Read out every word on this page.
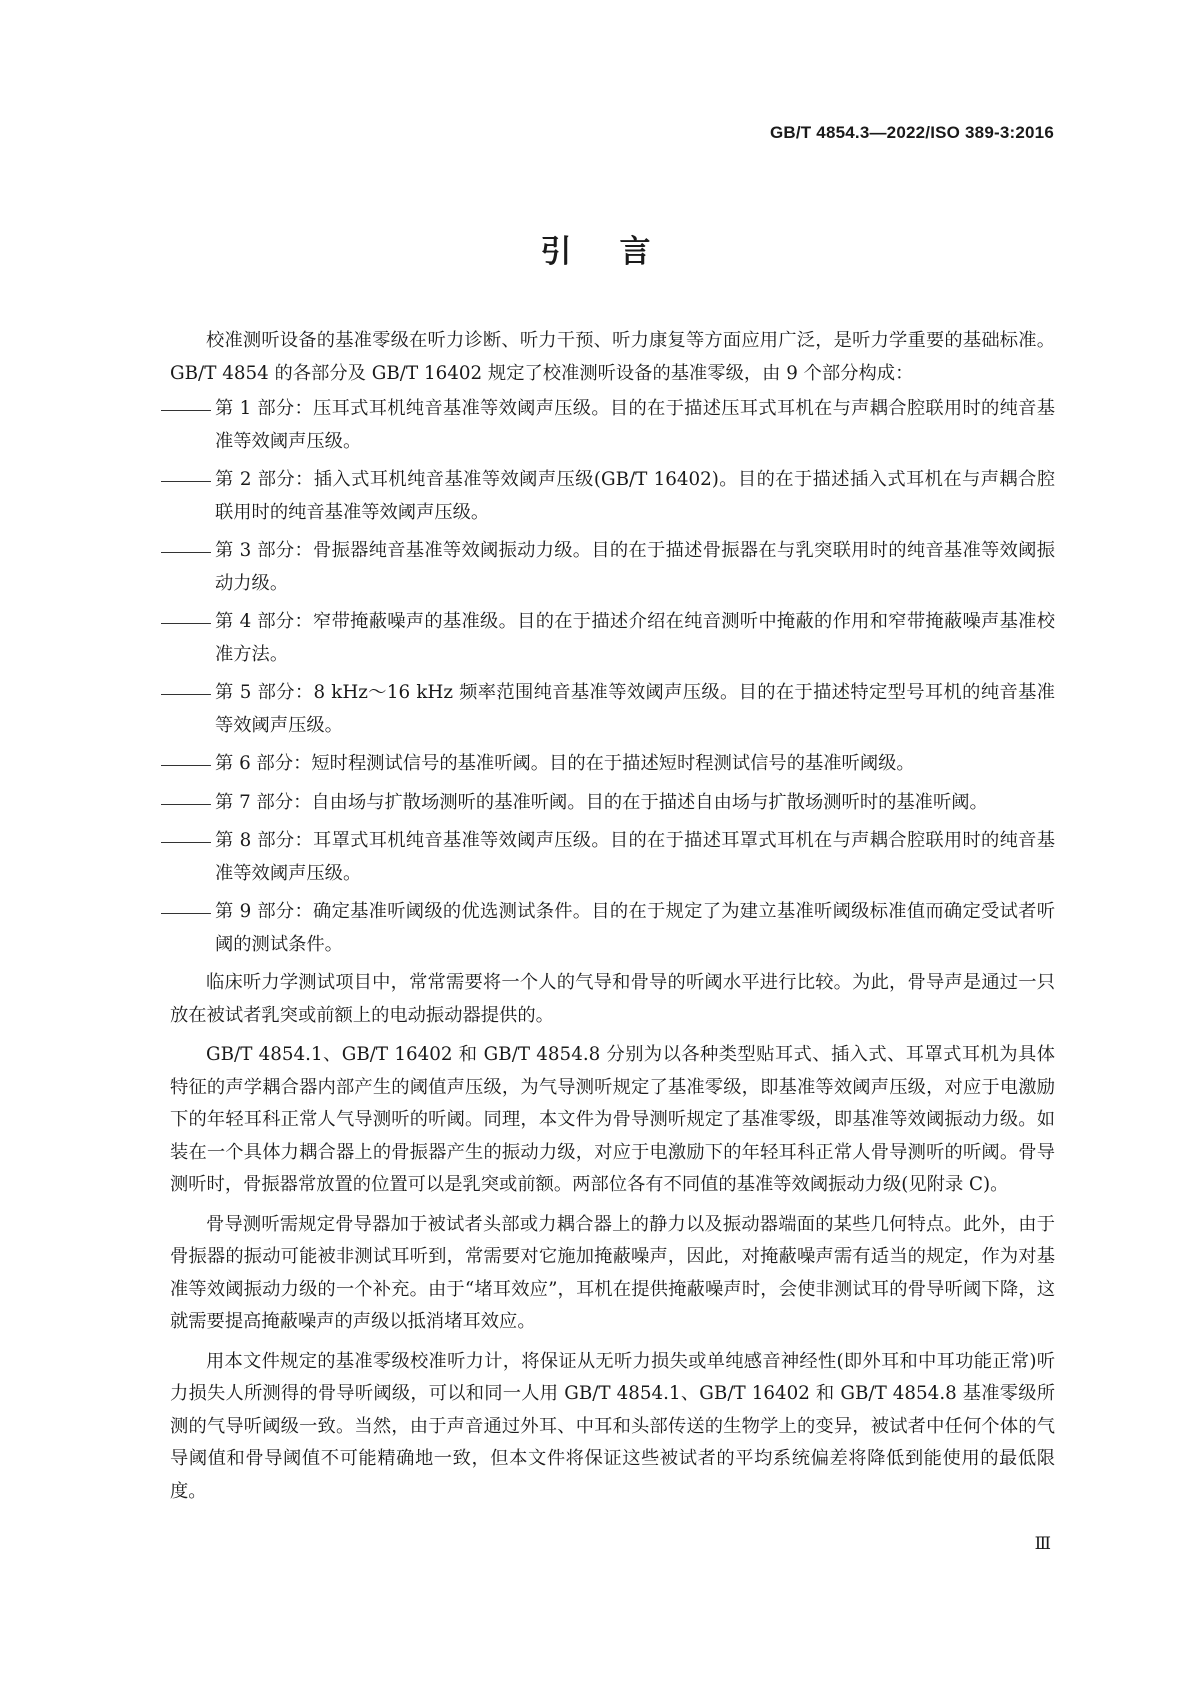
GB/T 4854.3—2022/ISO 389-3:2016
引言

校准测听设备的基准零级在听力诊断、听力干预、听力康复等方面应用广泛，是听力学重要的基础标准。GB/T 4854 的各部分及 GB/T 16402 规定了校准测听设备的基准零级，由 9 个部分构成：

第 1 部分：压耳式耳机纯音基准等效阈声压级。目的在于描述压耳式耳机在与声耦合腔联用时的纯音基准等效阈声压级。
第 2 部分：插入式耳机纯音基准等效阈声压级(GB/T 16402)。目的在于描述插入式耳机在与声耦合腔联用时的纯音基准等效阈声压级。
第 3 部分：骨振器纯音基准等效阈振动力级。目的在于描述骨振器在与乳突联用时的纯音基准等效阈振动力级。
第 4 部分：窄带掩蔽噪声的基准级。目的在于描述介绍在纯音测听中掩蔽的作用和窄带掩蔽噪声基准校准方法。
第 5 部分：8 kHz～16 kHz 频率范围纯音基准等效阈声压级。目的在于描述特定型号耳机的纯音基准等效阈声压级。
第 6 部分：短时程测试信号的基准听阈。目的在于描述短时程测试信号的基准听阈级。
第 7 部分：自由场与扩散场测听的基准听阈。目的在于描述自由场与扩散场测听时的基准听阈。
第 8 部分：耳罩式耳机纯音基准等效阈声压级。目的在于描述耳罩式耳机在与声耦合腔联用时的纯音基准等效阈声压级。
第 9 部分：确定基准听阈级的优选测试条件。目的在于规定了为建立基准听阈级标准值而确定受试者听阈的测试条件。

临床听力学测试项目中，常常需要将一个人的气导和骨导的听阈水平进行比较。为此，骨导声是通过一只放在被试者乳突或前额上的电动振动器提供的。

GB/T 4854.1、GB/T 16402 和 GB/T 4854.8 分别为以各种类型贴耳式、插入式、耳罩式耳机为具体特征的声学耦合器内部产生的阈值声压级，为气导测听规定了基准零级，即基准等效阈声压级，对应于电激励下的年轻耳科正常人气导测听的听阈。同理，本文件为骨导测听规定了基准零级，即基准等效阈振动力级。如装在一个具体力耦合器上的骨振器产生的振动力级，对应于电激励下的年轻耳科正常人骨导测听的听阈。骨导测听时，骨振器常放置的位置可以是乳突或前额。两部位各有不同值的基准等效阈振动力级(见附录 C)。

骨导测听需规定骨导器加于被试者头部或力耦合器上的静力以及振动器端面的某些几何特点。此外，由于骨振器的振动可能被非测试耳听到，常需要对它施加掩蔽噪声，因此，对掩蔽噪声需有适当的规定，作为对基准等效阈振动力级的一个补充。由于“堵耳效应”，耳机在提供掩蔽噪声时，会使非测试耳的骨导听阈下降，这就需要提高掩蔽噪声的声级以抵消堵耳效应。

用本文件规定的基准零级校准听力计，将保证从无听力损失或单纯感音神经性(即外耳和中耳功能正常)听力损失人所测得的骨导听阈级，可以和同一人用 GB/T 4854.1、GB/T 16402 和 GB/T 4854.8 基准零级所测的气导听阈级一致。当然，由于声音通过外耳、中耳和头部传送的生物学上的变异，被试者中任何个体的气导阈值和骨导阈值不可能精确地一致，但本文件将保证这些被试者的平均系统偏差将降低到能使用的最低限度。

Ⅲ
